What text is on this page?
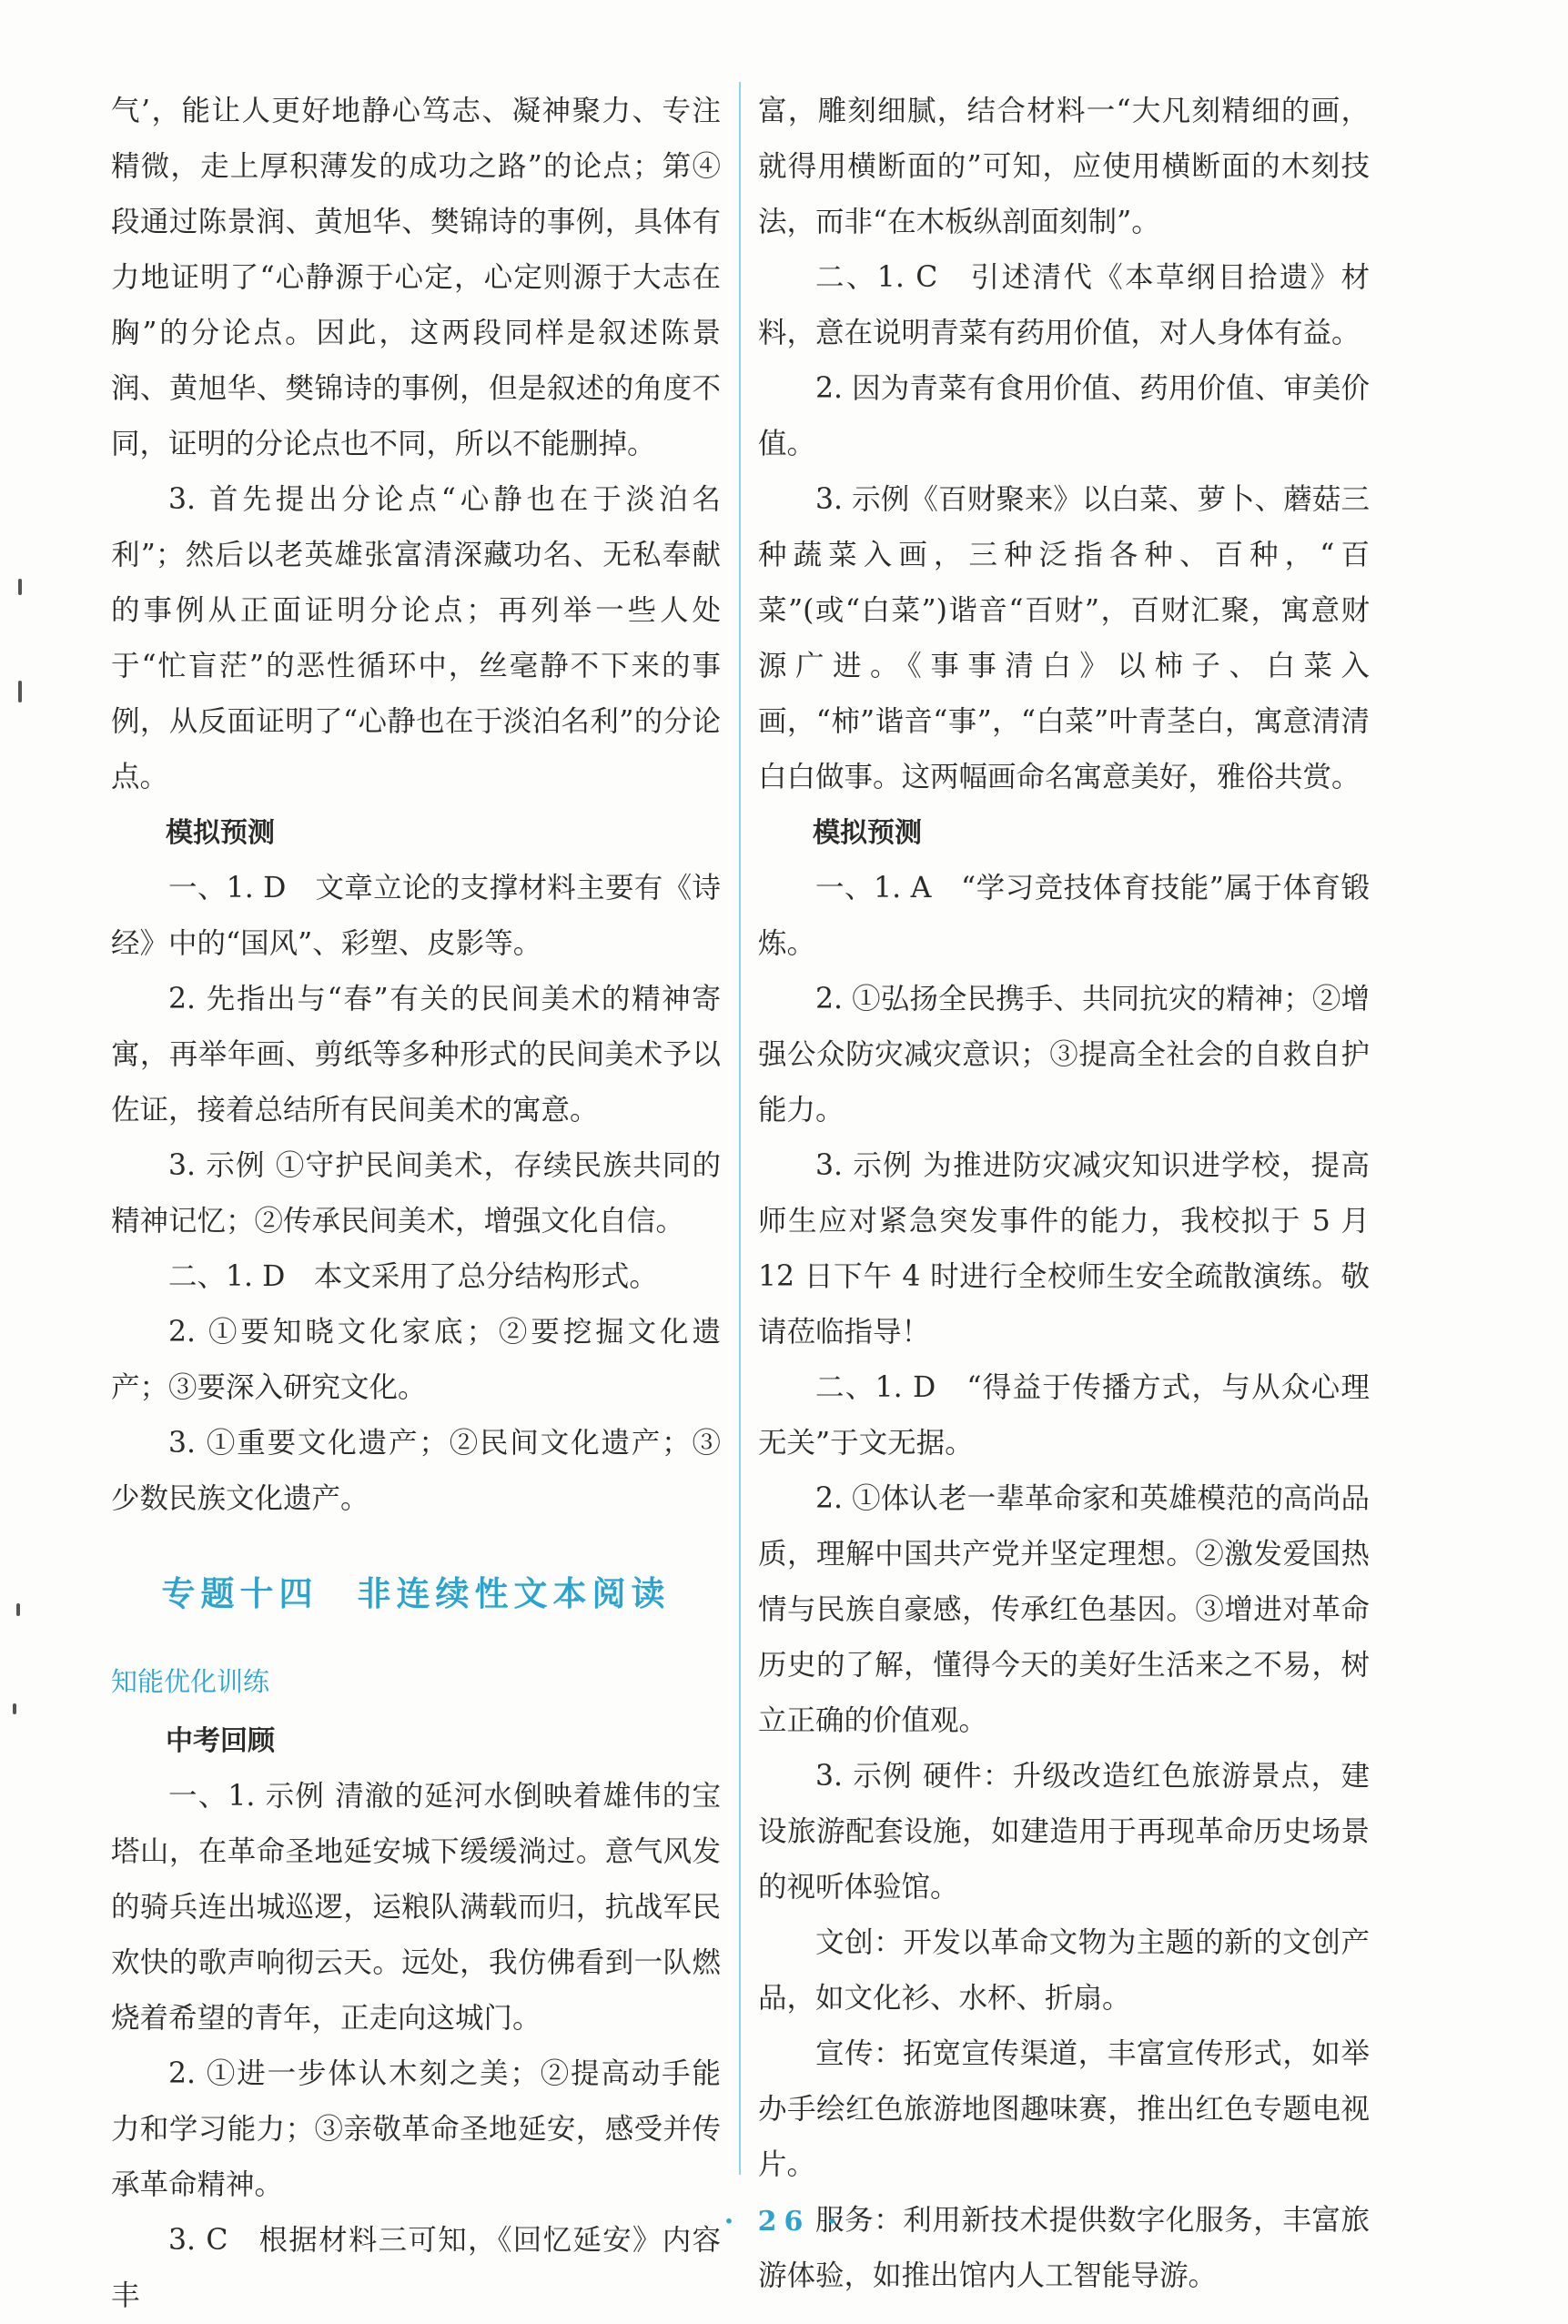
气’，能让人更好地静心笃志、凝神聚力、专注精微，走上厚积薄发的成功之路”的论点；第④段通过陈景润、黄旭华、樊锦诗的事例，具体有力地证明了“心静源于心定，心定则源于大志在胸”的分论点。因此，这两段同样是叙述陈景润、黄旭华、樊锦诗的事例，但是叙述的角度不同，证明的分论点也不同，所以不能删掉。

3. 首先提出分论点“心静也在于淡泊名利”；然后以老英雄张富清深藏功名、无私奉献的事例从正面证明分论点；再列举一些人处于“忙盲茫”的恶性循环中，丝毫静不下来的事例，从反面证明了“心静也在于淡泊名利”的分论点。

模拟预测

一、1. D　文章立论的支撑材料主要有《诗经》中的“国风”、彩塑、皮影等。

2. 先指出与“春”有关的民间美术的精神寄寓，再举年画、剪纸等多种形式的民间美术予以佐证，接着总结所有民间美术的寓意。

3. 示例 ①守护民间美术，存续民族共同的精神记忆；②传承民间美术，增强文化自信。

二、1. D　本文采用了总分结构形式。

2. ①要知晓文化家底；②要挖掘文化遗产；③要深入研究文化。

3. ①重要文化遗产；②民间文化遗产；③少数民族文化遗产。

专题十四　非连续性文本阅读
知能优化训练

中考回顾

一、1. 示例 清澈的延河水倒映着雄伟的宝塔山，在革命圣地延安城下缓缓淌过。意气风发的骑兵连出城巡逻，运粮队满载而归，抗战军民欢快的歌声响彻云天。远处，我仿佛看到一队燃烧着希望的青年，正走向这城门。

2. ①进一步体认木刻之美；②提高动手能力和学习能力；③亲敬革命圣地延安，感受并传承革命精神。

3. C　根据材料三可知，《回忆延安》内容丰

富，雕刻细腻，结合材料一“大凡刻精细的画，就得用横断面的”可知，应使用横断面的木刻技法，而非“在木板纵剖面刻制”。

二、1. C　引述清代《本草纲目拾遗》材料，意在说明青菜有药用价值，对人身体有益。

2. 因为青菜有食用价值、药用价值、审美价值。

3. 示例《百财聚来》以白菜、萝卜、蘑菇三种蔬菜入画，三种泛指各种、百种，“百菜”(或“白菜”)谐音“百财”，百财汇聚，寓意财源广进。《事事清白》以柿子、白菜入画，“柿”谐音“事”，“白菜”叶青茎白，寓意清清白白做事。这两幅画命名寓意美好，雅俗共赏。

模拟预测

一、1. A　“学习竞技体育技能”属于体育锻炼。

2. ①弘扬全民携手、共同抗灾的精神；②增强公众防灾减灾意识；③提高全社会的自救自护能力。

3. 示例 为推进防灾减灾知识进学校，提高师生应对紧急突发事件的能力，我校拟于 5 月 12 日下午 4 时进行全校师生安全疏散演练。敬请莅临指导！

二、1. D　“得益于传播方式，与从众心理无关”于文无据。

2. ①体认老一辈革命家和英雄模范的高尚品质，理解中国共产党并坚定理想。②激发爱国热情与民族自豪感，传承红色基因。③增进对革命历史的了解，懂得今天的美好生活来之不易，树立正确的价值观。

3. 示例 硬件：升级改造红色旅游景点，建设旅游配套设施，如建造用于再现革命历史场景的视听体验馆。

文创：开发以革命文物为主题的新的文创产品，如文化衫、水杯、折扇。

宣传：拓宽宣传渠道，丰富宣传形式，如举办手绘红色旅游地图趣味赛，推出红色专题电视片。

服务：利用新技术提供数字化服务，丰富旅游体验，如推出馆内人工智能导游。

· 26 ·
